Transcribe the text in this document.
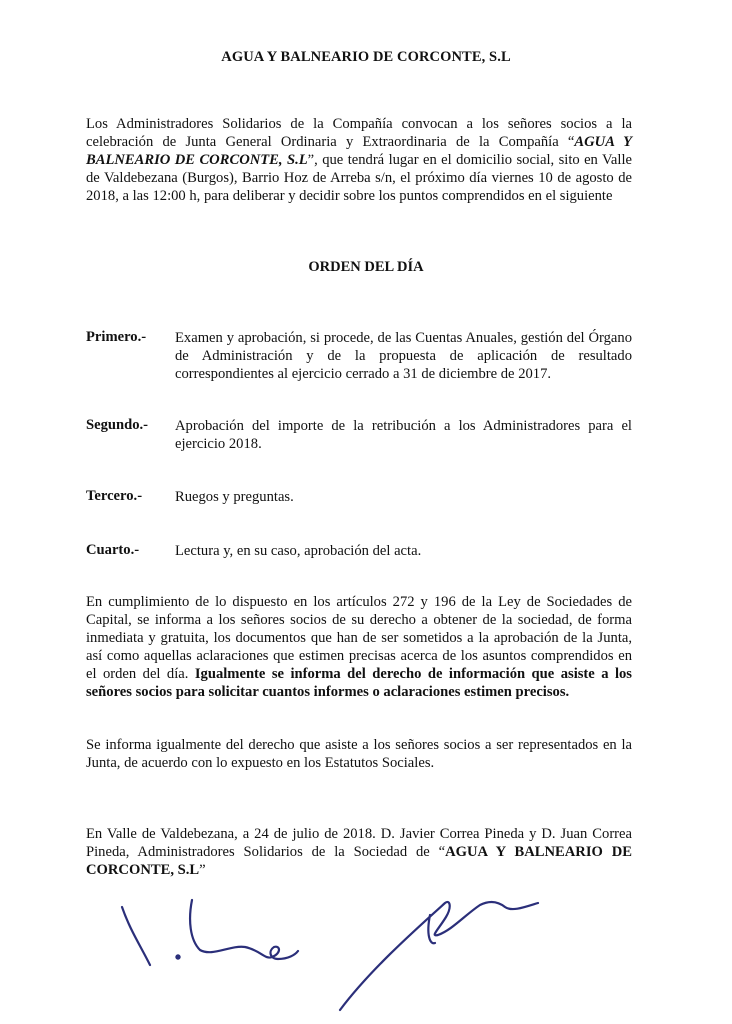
AGUA Y BALNEARIO DE CORCONTE, S.L

Los Administradores Solidarios de la Compañía convocan a los señores socios a la celebración de Junta General Ordinaria y Extraordinaria de la Compañía “AGUA Y BALNEARIO DE CORCONTE, S.L”, que tendrá lugar en el domicilio social, sito en Valle de Valdebezana (Burgos), Barrio Hoz de Arreba s/n, el próximo día viernes 10 de agosto de 2018, a las 12:00 h, para deliberar y decidir sobre los puntos comprendidos en el siguiente

ORDEN DEL DÍA
Primero.- Examen y aprobación, si procede, de las Cuentas Anuales, gestión del Órgano de Administración y de la propuesta de aplicación de resultado correspondientes al ejercicio cerrado a 31 de diciembre de 2017.
Segundo.- Aprobación del importe de la retribución a los Administradores para el ejercicio 2018.
Tercero.- Ruegos y preguntas.
Cuarto.- Lectura y, en su caso, aprobación del acta.

En cumplimiento de lo dispuesto en los artículos 272 y 196 de la Ley de Sociedades de Capital, se informa a los señores socios de su derecho a obtener de la sociedad, de forma inmediata y gratuita, los documentos que han de ser sometidos a la aprobación de la Junta, así como aquellas aclaraciones que estimen precisas acerca de los asuntos comprendidos en el orden del día. Igualmente se informa del derecho de información que asiste a los señores socios para solicitar cuantos informes o aclaraciones estimen precisos.

Se informa igualmente del derecho que asiste a los señores socios a ser representados en la Junta, de acuerdo con lo expuesto en los Estatutos Sociales.

En Valle de Valdebezana, a 24 de julio de 2018. D. Javier Correa Pineda y D. Juan Correa Pineda, Administradores Solidarios de la Sociedad de “AGUA Y BALNEARIO DE CORCONTE, S.L”
